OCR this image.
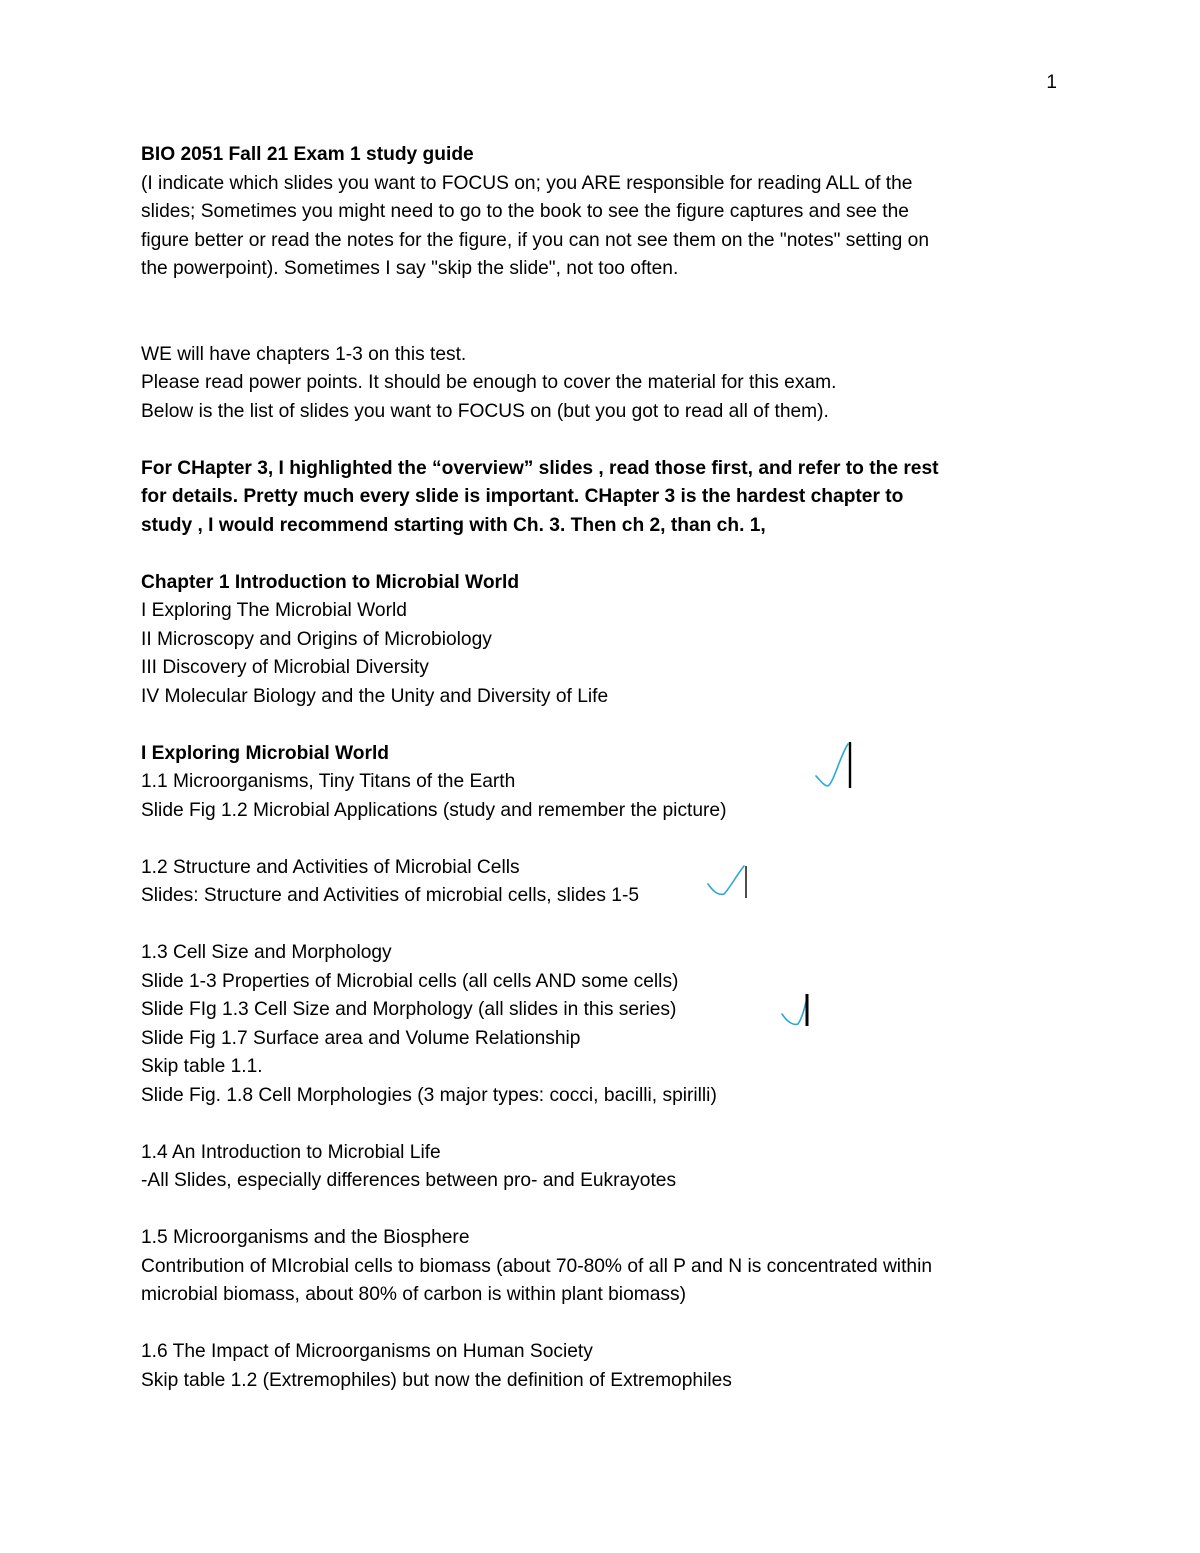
1

BIO 2051 Fall 21 Exam 1 study guide

(I indicate which slides you want to FOCUS on; you ARE responsible for reading ALL of the

slides; Sometimes you might need to go to the book to see the figure captures and see the

figure better or read the notes for the figure, if you can not see them on the "notes" setting on

the powerpoint). Sometimes I say "skip the slide", not too often.

WE will have chapters 1-3 on this test.

Please read power points. It should be enough to cover the material for this exam.

Below is the list of slides you want to FOCUS on (but you got to read all of them).

For CHapter 3, I highlighted the “overview” slides , read those first, and refer to the rest

for details. Pretty much every slide is important. CHapter 3 is the hardest chapter to

study , I would recommend starting with Ch. 3. Then ch 2, than ch. 1,

Chapter 1 Introduction to Microbial World

I Exploring The Microbial World

II Microscopy and Origins of Microbiology

III Discovery of Microbial Diversity

IV Molecular Biology and the Unity and Diversity of Life

I Exploring Microbial World

1.1 Microorganisms, Tiny Titans of the Earth

Slide Fig 1.2 Microbial Applications (study and remember the picture)

1.2 Structure and Activities of Microbial Cells

Slides: Structure and Activities of microbial cells, slides 1-5

1.3 Cell Size and Morphology

Slide 1-3 Properties of Microbial cells (all cells AND some cells)

Slide FIg 1.3 Cell Size and Morphology (all slides in this series)

Slide Fig 1.7 Surface area and Volume Relationship

Skip table 1.1.

Slide Fig. 1.8 Cell Morphologies (3 major types: cocci, bacilli, spirilli)

1.4 An Introduction to Microbial Life

-All Slides, especially differences between pro- and Eukrayotes

1.5 Microorganisms and the Biosphere

Contribution of MIcrobial cells to biomass (about 70-80% of all P and N is concentrated within

microbial biomass, about 80% of carbon is within plant biomass)

1.6 The Impact of Microorganisms on Human Society

Skip table 1.2 (Extremophiles) but now the definition of Extremophiles
